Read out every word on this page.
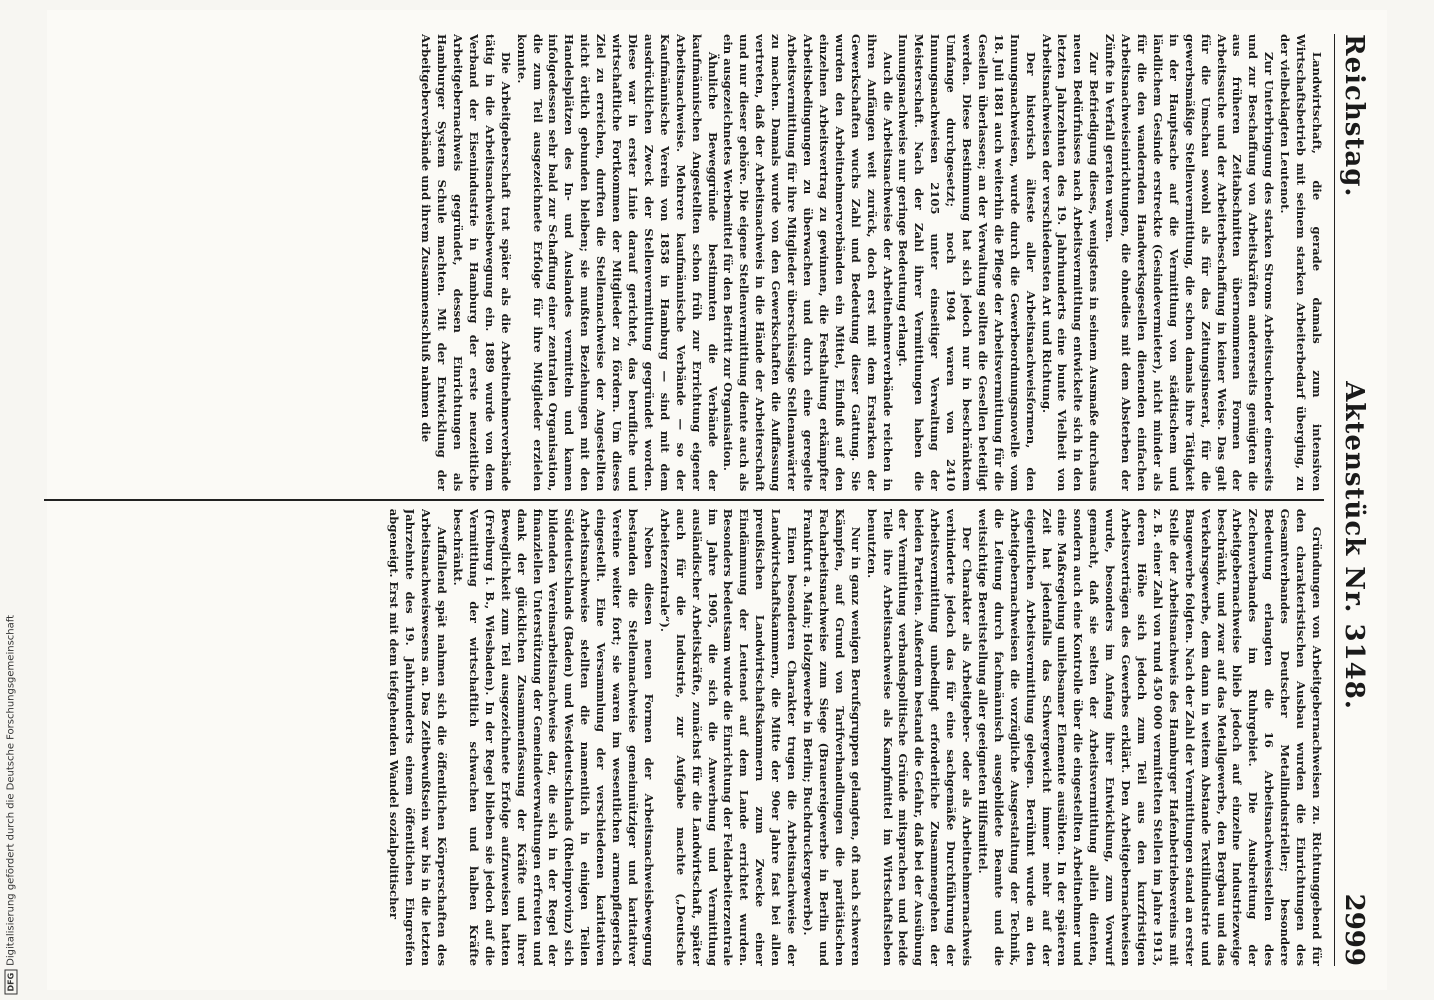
DFG
Digitalisierung gefördert durch die Deutsche Forschungsgemeinschaft
Reichstag.
Aktenstück Nr. 3148.
2999

Landwirtschaft, die gerade damals zum intensiven Wirtschaftsbetrieb mit seinem starken Arbeiterbedarf überging, zu der vielbeklagten Leutenot.

Zur Unterbringung des starken Stroms Arbeitsuchender einerseits und zur Beschaffung von Arbeitskräften andererseits genügten die aus früheren Zeitabschnitten übernommenen Formen der Arbeitssuche und der Arbeiterbeschaffung in keiner Weise. Das galt für die Umschau sowohl als für das Zeitungsinserat, für die gewerbsmäßige Stellenvermittlung, die schon damals ihre Tätigkeit in der Hauptsache auf die Vermittlung von städtischem und ländlichem Gesinde erstreckte (Gesindevermieter), nicht minder als für die den wandernden Handwerksgesellen dienenden einfachen Arbeitsnachweiseinrichtungen, die ohnedies mit dem Absterben der Zünfte in Verfall geraten waren.

Zur Befriedigung dieses, wenigstens in seinem Ausmaße durchaus neuen Bedürfnisses nach Arbeitsvermittlung entwickelte sich in den letzten Jahrzehnten des 19. Jahrhunderts eine bunte Vielheit von Arbeitsnachweisen der verschiedensten Art und Richtung.

Der historisch älteste aller Arbeitsnachweisformen, den Innungsnachweisen, wurde durch die Gewerbeordnungsnovelle vom 18. Juli 1881 auch weiterhin die Pflege der Arbeitsvermittlung für die Gesellen überlassen; an der Verwaltung sollten die Gesellen beteiligt werden. Diese Bestimmung hat sich jedoch nur in beschränktem Umfange durchgesetzt; noch 1904 waren von 2410 Innungsnachweisen 2105 unter einseitiger Verwaltung der Meisterschaft. Nach der Zahl ihrer Vermittlungen haben die Innungsnachweise nur geringe Bedeutung erlangt.

Auch die Arbeitsnachweise der Arbeitnehmerverbände reichen in ihren Anfängen weit zurück, doch erst mit dem Erstarken der Gewerkschaften wuchs Zahl und Bedeutung dieser Gattung. Sie wurden den Arbeitnehmerverbänden ein Mittel, Einfluß auf den einzelnen Arbeitsvertrag zu gewinnen, die Festhaltung erkämpfter Arbeitsbedingungen zu überwachen und durch eine geregelte Arbeitsvermittlung für ihre Mitglieder überschüssige Stellenanwärter zu machen. Damals wurde von den Gewerkschaften die Auffassung vertreten, daß der Arbeitsnachweis in die Hände der Arbeiterschaft und nur dieser gehöre. Die eigene Stellenvermittlung diente auch als ein ausgezeichnetes Werbemittel für den Beitritt zur Organisation.

Ähnliche Beweggründe bestimmten die Verbände der kaufmännischen Angestellten schon früh zur Errichtung eigener Arbeitsnachweise. Mehrere kaufmännische Verbände — so der Kaufmännische Verein von 1858 in Hamburg — sind mit dem ausdrücklichen Zweck der Stellenvermittlung gegründet worden. Diese war in erster Linie darauf gerichtet, das berufliche und wirtschaftliche Fortkommen der Mitglieder zu fördern. Um dieses Ziel zu erreichen, durften die Stellennachweise der Angestellten nicht örtlich gebunden bleiben; sie mußten Beziehungen mit den Handelsplätzen des In- und Auslandes vermitteln und kamen infolgedessen sehr bald zur Schaffung einer zentralen Organisation, die zum Teil ausgezeichnete Erfolge für ihre Mitglieder erzielen konnte.

Die Arbeitgeberschaft trat später als die Arbeitnehmerverbände tätig in die Arbeitsnachweisbewegung ein. 1889 wurde von dem Verband der Eisenindustrie in Hamburg der erste neuzeitliche Arbeitgebernachweis gegründet, dessen Einrichtungen als Hamburger System Schule machten. Mit der Entwicklung der Arbeitgeberverbände und ihrem Zusammenschluß nahmen die

Gründungen von Arbeitgebernachweisen zu. Richtunggebend für den charakteristischen Ausbau wurden die Einrichtungen des Gesamtverbandes Deutscher Metallindustrieller; besondere Bedeutung erlangten die 16 Arbeitsnachweisstellen des Zechenverbandes im Ruhrgebiet. Die Ausbreitung der Arbeitgebernachweise blieb jedoch auf einzelne Industriezweige beschränkt, und zwar auf das Metallgewerbe, den Bergbau und das Verkehrsgewerbe, dem dann in weitem Abstande Textilindustrie und Baugewerbe folgten. Nach der Zahl der Vermittlungen stand an erster Stelle der Arbeitsnachweis des Hamburger Hafenbetriebsvereins mit z. B. einer Zahl von rund 450 000 vermittelten Stellen im Jahre 1913, deren Höhe sich jedoch zum Teil aus den kurzfristigen Arbeitsverträgen des Gewerbes erklärt. Den Arbeitgebernachweisen wurde, besonders im Anfang ihrer Entwicklung, zum Vorwurf gemacht, daß sie selten der Arbeitsvermittlung allein dienten, sondern auch eine Kontrolle über die eingestellten Arbeitnehmer und eine Maßregelung unliebsamer Elemente ausübten. In der späteren Zeit hat jedenfalls das Schwergewicht immer mehr auf der eigentlichen Arbeitsvermittlung gelegen. Berühmt wurde an den Arbeitgebernachweisen die vorzügliche Ausgestaltung der Technik, die Leitung durch fachmännisch ausgebildete Beamte und die weitsichtige Bereitstellung aller geeigneten Hilfsmittel.

Der Charakter als Arbeitgeber- oder als Arbeitnehmernachweis verhinderte jedoch das für eine sachgemäße Durchführung der Arbeitsvermittlung unbedingt erforderliche Zusammengehen der beiden Parteien. Außerdem bestand die Gefahr, daß bei der Ausübung der Vermittlung verbandspolitische Gründe mitsprachen und beide Teile ihre Arbeitsnachweise als Kampfmittel im Wirtschaftsleben benutzten.

Nur in ganz wenigen Berufsgruppen gelangten, oft nach schweren Kämpfen, auf Grund von Tarifverhandlungen die paritätischen Facharbeitsnachweise zum Siege (Brauereigewerbe in Berlin und Frankfurt a. Main; Holzgewerbe in Berlin; Buchdruckergewerbe).

Einen besonderen Charakter trugen die Arbeitsnachweise der Landwirtschaftskammern, die Mitte der 90er Jahre fast bei allen preußischen Landwirtschaftskammern zum Zwecke einer Eindämmung der Leutenot auf dem Lande errichtet wurden. Besonders bedeutsam wurde die Einrichtung der Feldarbeiterzentrale im Jahre 1905, die sich die Anwerbung und Vermittlung ausländischer Arbeitskräfte, zunächst für die Landwirtschaft, später auch für die Industrie, zur Aufgabe machte („Deutsche Arbeiterzentrale“).

Neben diesen neuen Formen der Arbeitsnachweisbewegung bestanden die Stellennachweise gemeinnütziger und karitativer Vereine weiter fort; sie waren im wesentlichen armenpflegerisch eingestellt. Eine Versammlung der verschiedenen karitativen Arbeitsnachweise stellten die namentlich in einigen Teilen Süddeutschlands (Baden) und Westdeutschlands (Rheinprovinz) sich bildenden Vereinsarbeitsnachweise dar, die sich in der Regel der finanziellen Unterstützung der Gemeindeverwaltungen erfreuten und dank der glücklichen Zusammenfassung der Kräfte und ihrer Beweglichkeit zum Teil ausgezeichnete Erfolge aufzuweisen hatten (Freiburg i. B., Wiesbaden). In der Regel blieben sie jedoch auf die Vermittlung der wirtschaftlich schwachen und halben Kräfte beschränkt.

Auffallend spät nahmen sich die öffentlichen Körperschaften des Arbeitsnachweiswesens an. Das Zeitbewußtsein war bis in die letzten Jahrzehnte des 19. Jahrhunderts einem öffentlichen Eingreifen abgeneigt. Erst mit dem tiefgehenden Wandel sozialpolitischer
